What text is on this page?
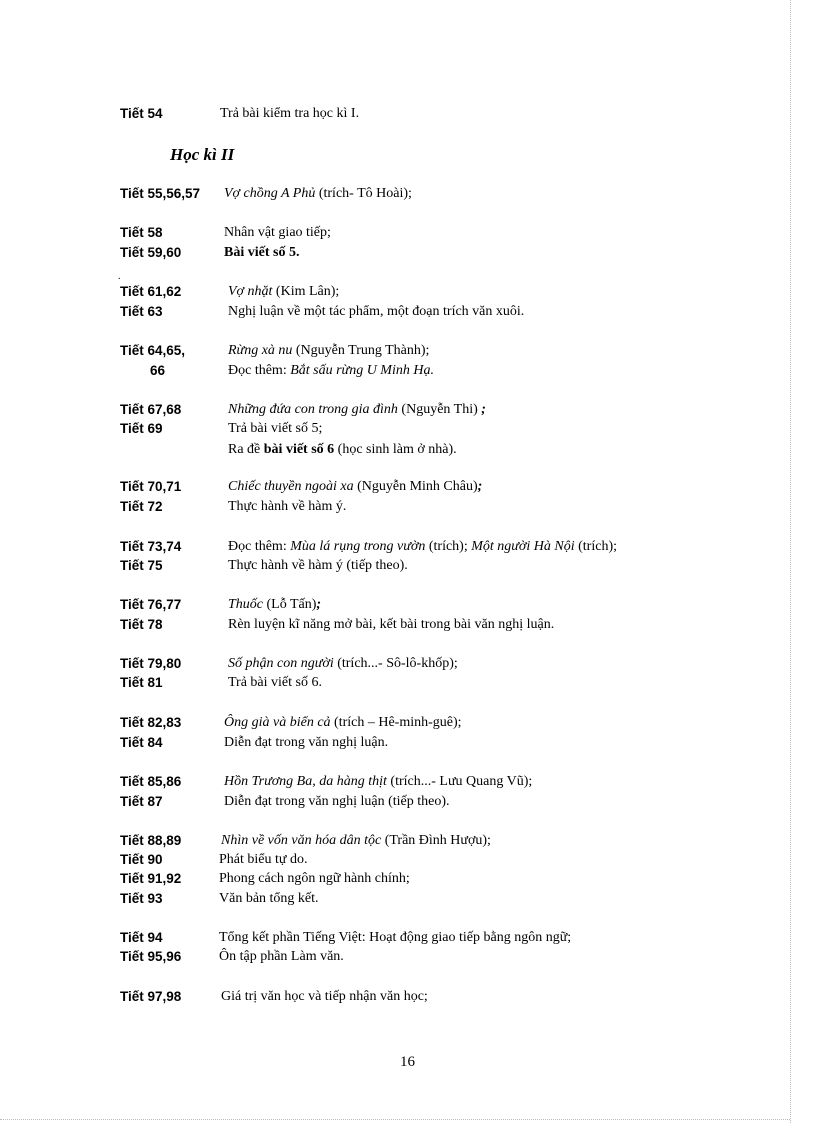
Học kì II
.
16
Tiết 54	Trả bài kiểm tra học kì I.
Tiết 55,56,57 Vợ chồng A Phủ (trích- Tô Hoài);
Tiết 58	Nhân vật giao tiếp;
Tiết 59,60	Bài viết số 5.
Tiết 61,62	Vợ nhặt (Kim Lân);
Tiết 63	Nghị luận về một tác phẩm, một đoạn trích văn xuôi.
Tiết 64,65,	Rừng xà nu (Nguyễn Trung Thành);
66	Đọc thêm: Bắt sấu rừng U Minh Hạ.
Tiết 67,68	Những đứa con trong gia đình (Nguyễn Thi) ;
Tiết 69	Trả bài viết số 5;
Ra đề bài viết số 6 (học sinh làm ở nhà).
Tiết 70,71	Chiếc thuyền ngoài xa (Nguyễn Minh Châu);
Tiết 72	Thực hành về hàm ý.
Tiết 73,74	Đọc thêm: Mùa lá rụng trong vườn (trích); Một người Hà Nội (trích);
Tiết 75	Thực hành về hàm ý (tiếp theo).
Tiết 76,77	Thuốc (Lỗ Tấn);
Tiết 78	Rèn luyện kĩ năng mở bài, kết bài trong bài văn nghị luận.
Tiết 79,80	Số phận con người (trích...- Sô-lô-khốp);
Tiết 81	Trả bài viết số 6.
Tiết 82,83	Ông già và biển cả (trích – Hê-minh-guê);
Tiết 84	Diễn đạt trong văn nghị luận.
Tiết 85,86	Hồn Trương Ba, da hàng thịt (trích...- Lưu Quang Vũ);
Tiết 87	Diễn đạt trong văn nghị luận (tiếp theo).
Tiết 88,89	Nhìn về vốn văn hóa dân tộc (Trần Đình Hượu);
Tiết 90	Phát biểu tự do.
Tiết 91,92	Phong cách ngôn ngữ hành chính;
Tiết 93	Văn bản tổng kết.
Tiết 94	Tổng kết phần Tiếng Việt: Hoạt động giao tiếp bằng ngôn ngữ;
Tiết 95,96	Ôn tập phần Làm văn.
Tiết 97,98	Giá trị văn học và tiếp nhận văn học;
